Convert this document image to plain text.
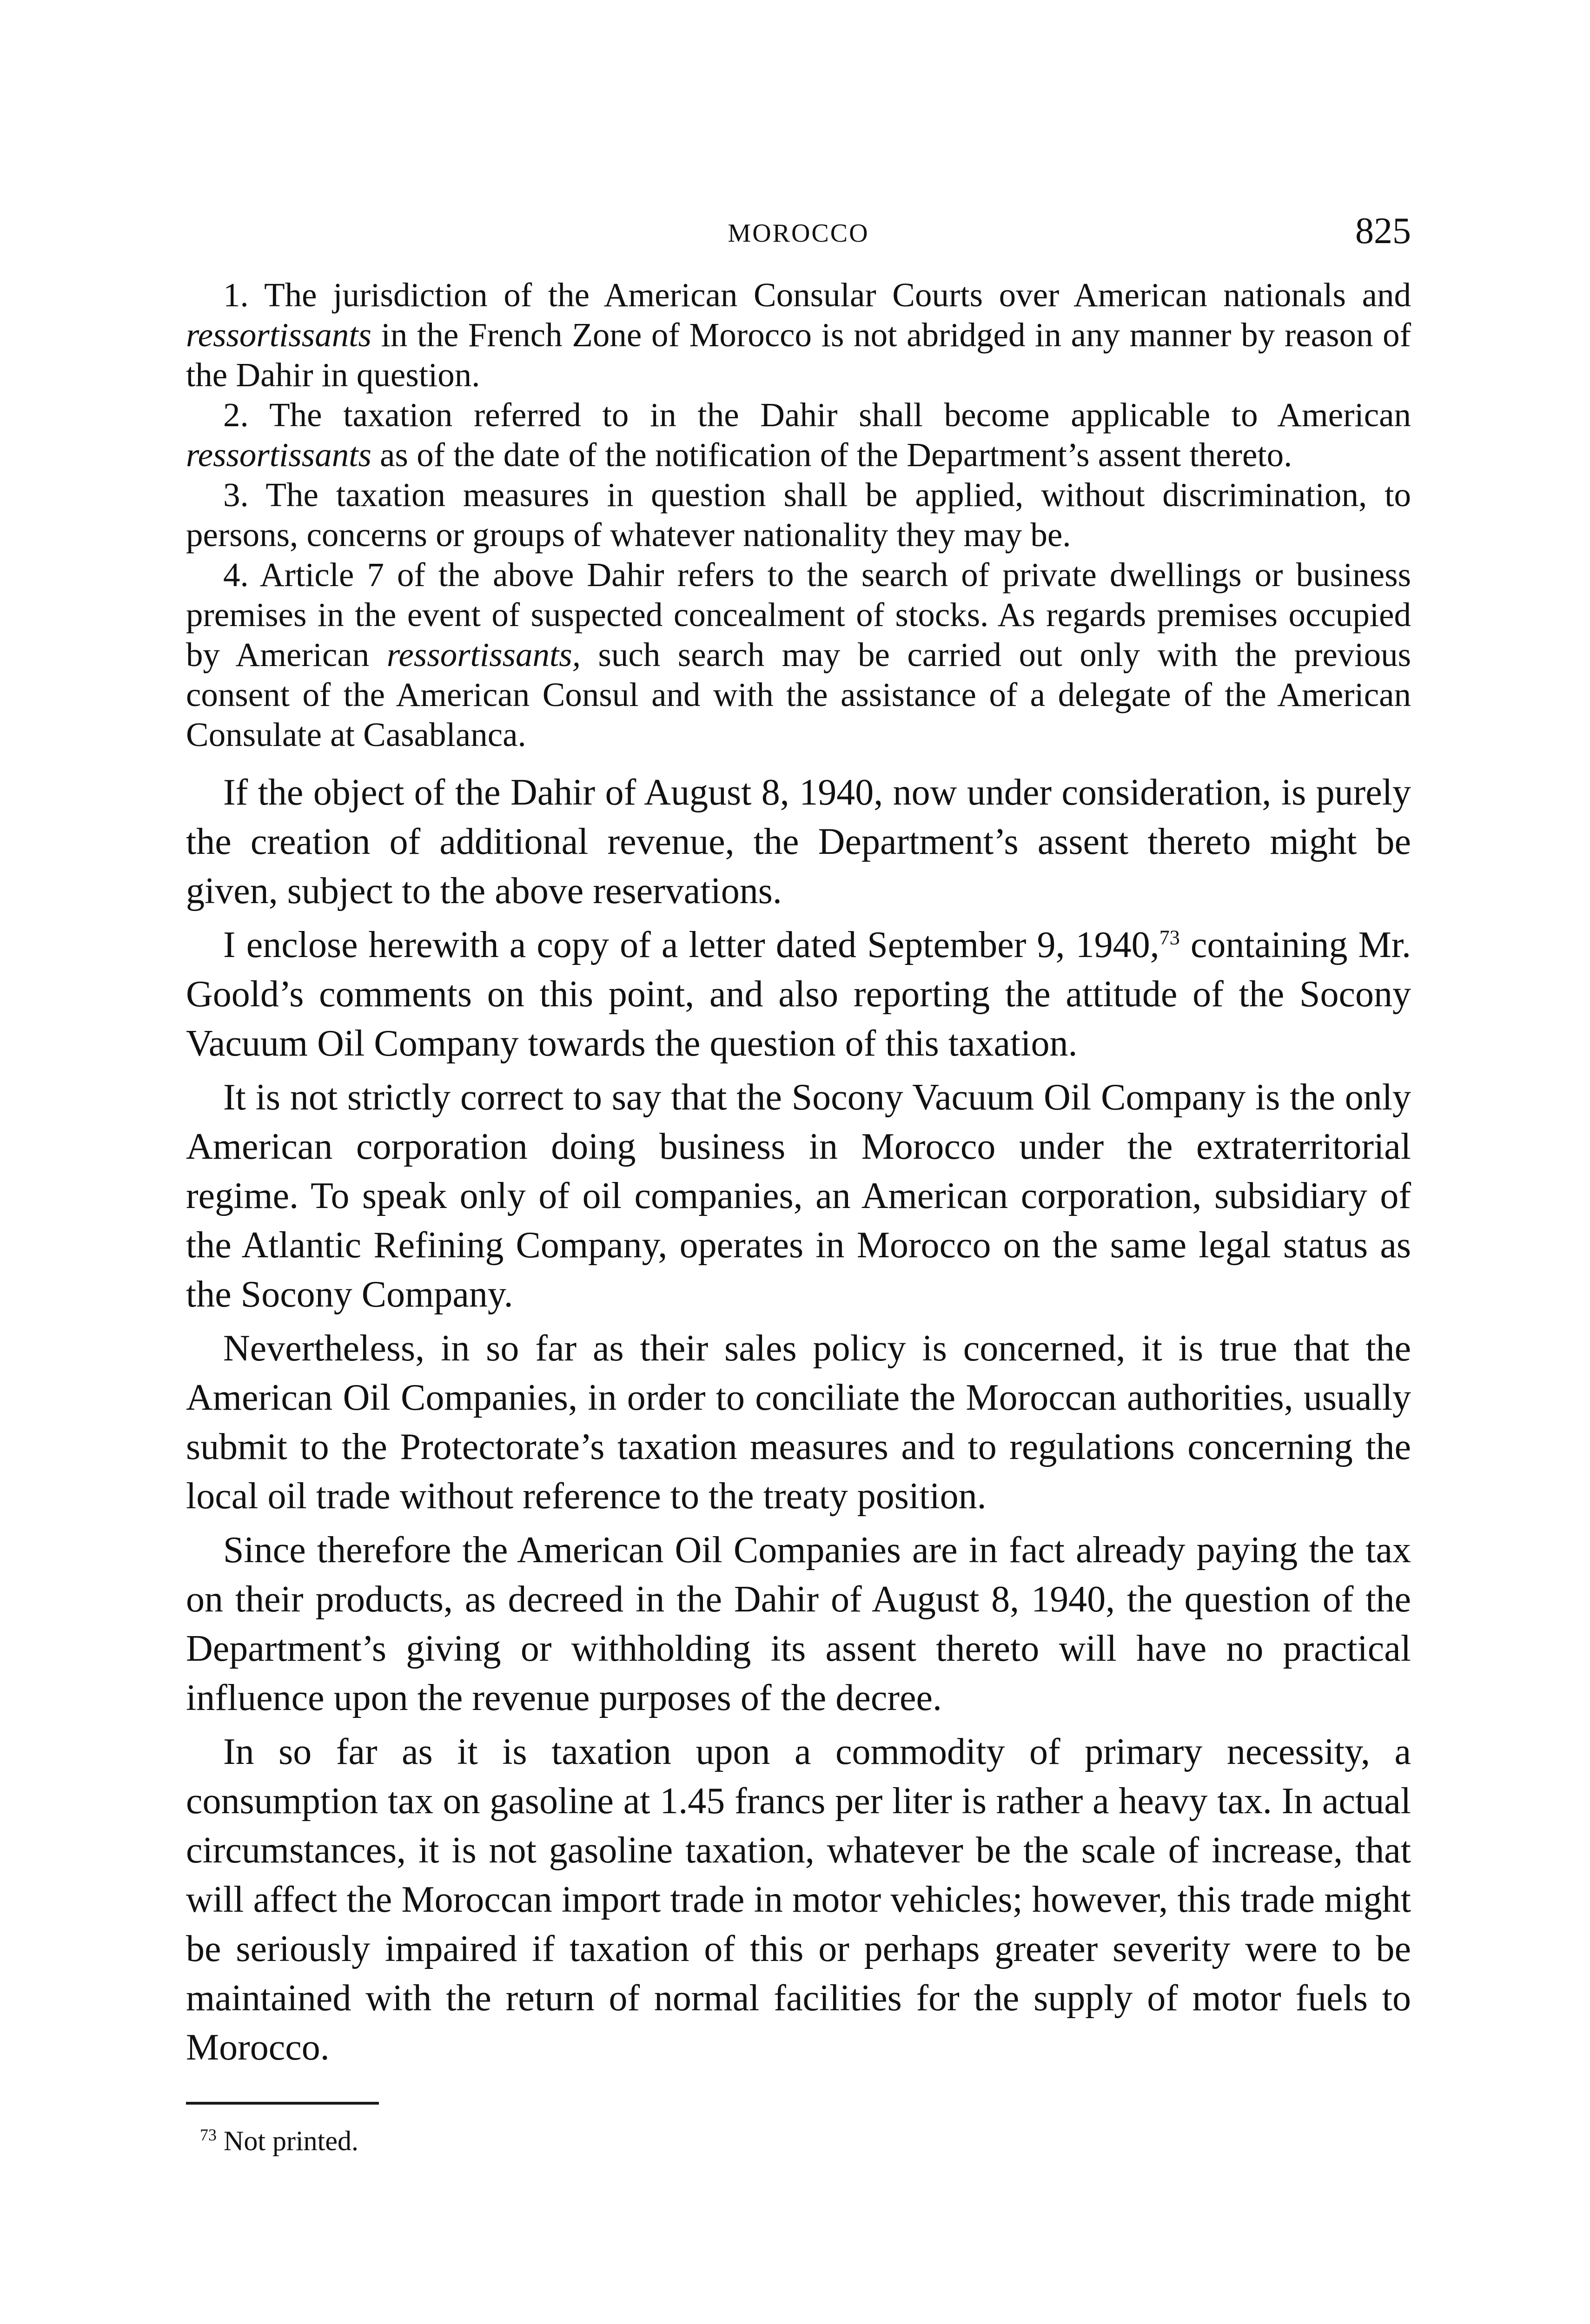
MOROCCO	825

1. The jurisdiction of the American Consular Courts over American nationals and ressortissants in the French Zone of Morocco is not abridged in any manner by reason of the Dahir in question.

2. The taxation referred to in the Dahir shall become applicable to American ressortissants as of the date of the notification of the Department’s assent thereto.

3. The taxation measures in question shall be applied, without discrimination, to persons, concerns or groups of whatever nationality they may be.

4. Article 7 of the above Dahir refers to the search of private dwellings or business premises in the event of suspected concealment of stocks. As regards premises occupied by American ressortissants, such search may be carried out only with the previous consent of the American Consul and with the assistance of a delegate of the American Consulate at Casablanca.

If the object of the Dahir of August 8, 1940, now under consideration, is purely the creation of additional revenue, the Department’s assent thereto might be given, subject to the above reservations.

I enclose herewith a copy of a letter dated September 9, 1940,73 containing Mr. Goold’s comments on this point, and also reporting the attitude of the Socony Vacuum Oil Company towards the question of this taxation.

It is not strictly correct to say that the Socony Vacuum Oil Company is the only American corporation doing business in Morocco under the extraterritorial regime. To speak only of oil companies, an American corporation, subsidiary of the Atlantic Refining Company, operates in Morocco on the same legal status as the Socony Company.

Nevertheless, in so far as their sales policy is concerned, it is true that the American Oil Companies, in order to conciliate the Moroccan authorities, usually submit to the Protectorate’s taxation measures and to regulations concerning the local oil trade without reference to the treaty position.

Since therefore the American Oil Companies are in fact already paying the tax on their products, as decreed in the Dahir of August 8, 1940, the question of the Department’s giving or withholding its assent thereto will have no practical influence upon the revenue purposes of the decree.

In so far as it is taxation upon a commodity of primary necessity, a consumption tax on gasoline at 1.45 francs per liter is rather a heavy tax. In actual circumstances, it is not gasoline taxation, whatever be the scale of increase, that will affect the Moroccan import trade in motor vehicles; however, this trade might be seriously impaired if taxation of this or perhaps greater severity were to be maintained with the return of normal facilities for the supply of motor fuels to Morocco.

$^{73}$ Not printed.
